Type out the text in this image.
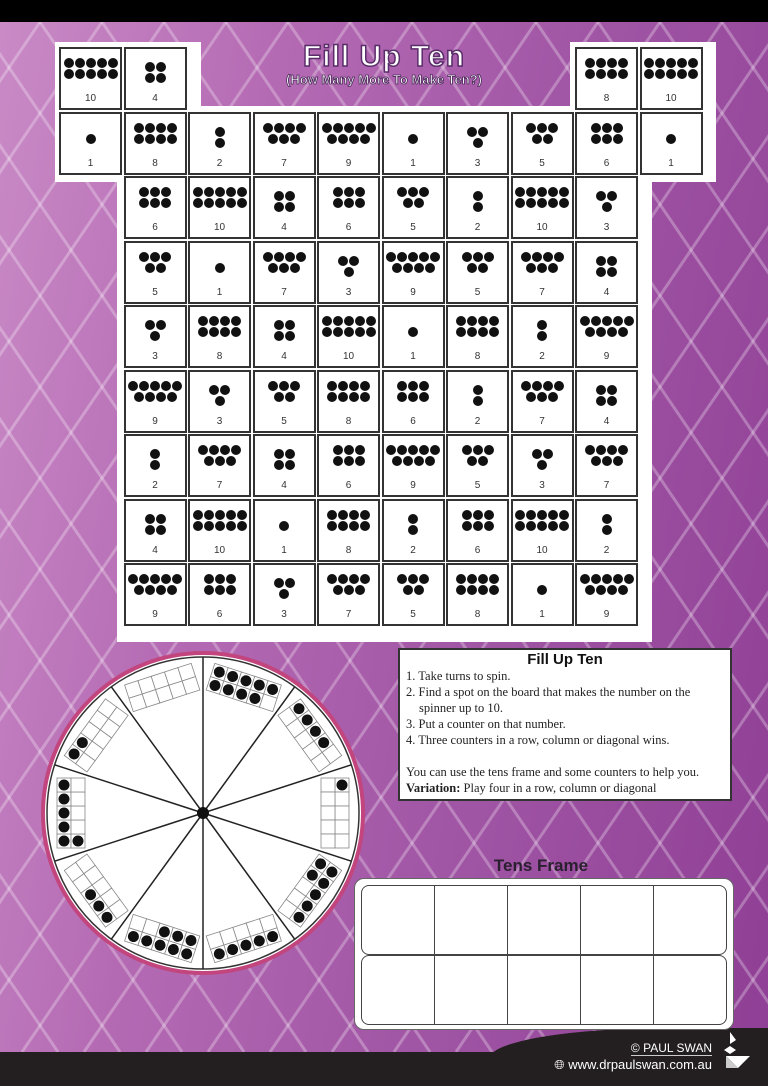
Fill Up Ten
(How Many More To Make Ten?)
10	4	8	10
1	8	2	7	9	1	3	5	6	1
6	10	4	6	5	2	10	3
5	1	7	3	9	5	7	4
3	8	4	10	1	8	2	9
9	3	5	8	6	2	7	4
2	7	4	6	9	5	3	7
4	10	1	8	2	6	10	2
9	6	3	7	5	8	1	9
Fill Up Ten
1. Take turns to spin.
2. Find a spot on the board that makes the number on the spinner up to 10.
3. Put a counter on that number.
4. Three counters in a row, column or diagonal wins.

You can use the tens frame and some counters to help you.

Variation: Play four in a row, column or diagonal

Tens Frame
© PAUL SWAN
🌐︎ www.drpaulswan.com.au
